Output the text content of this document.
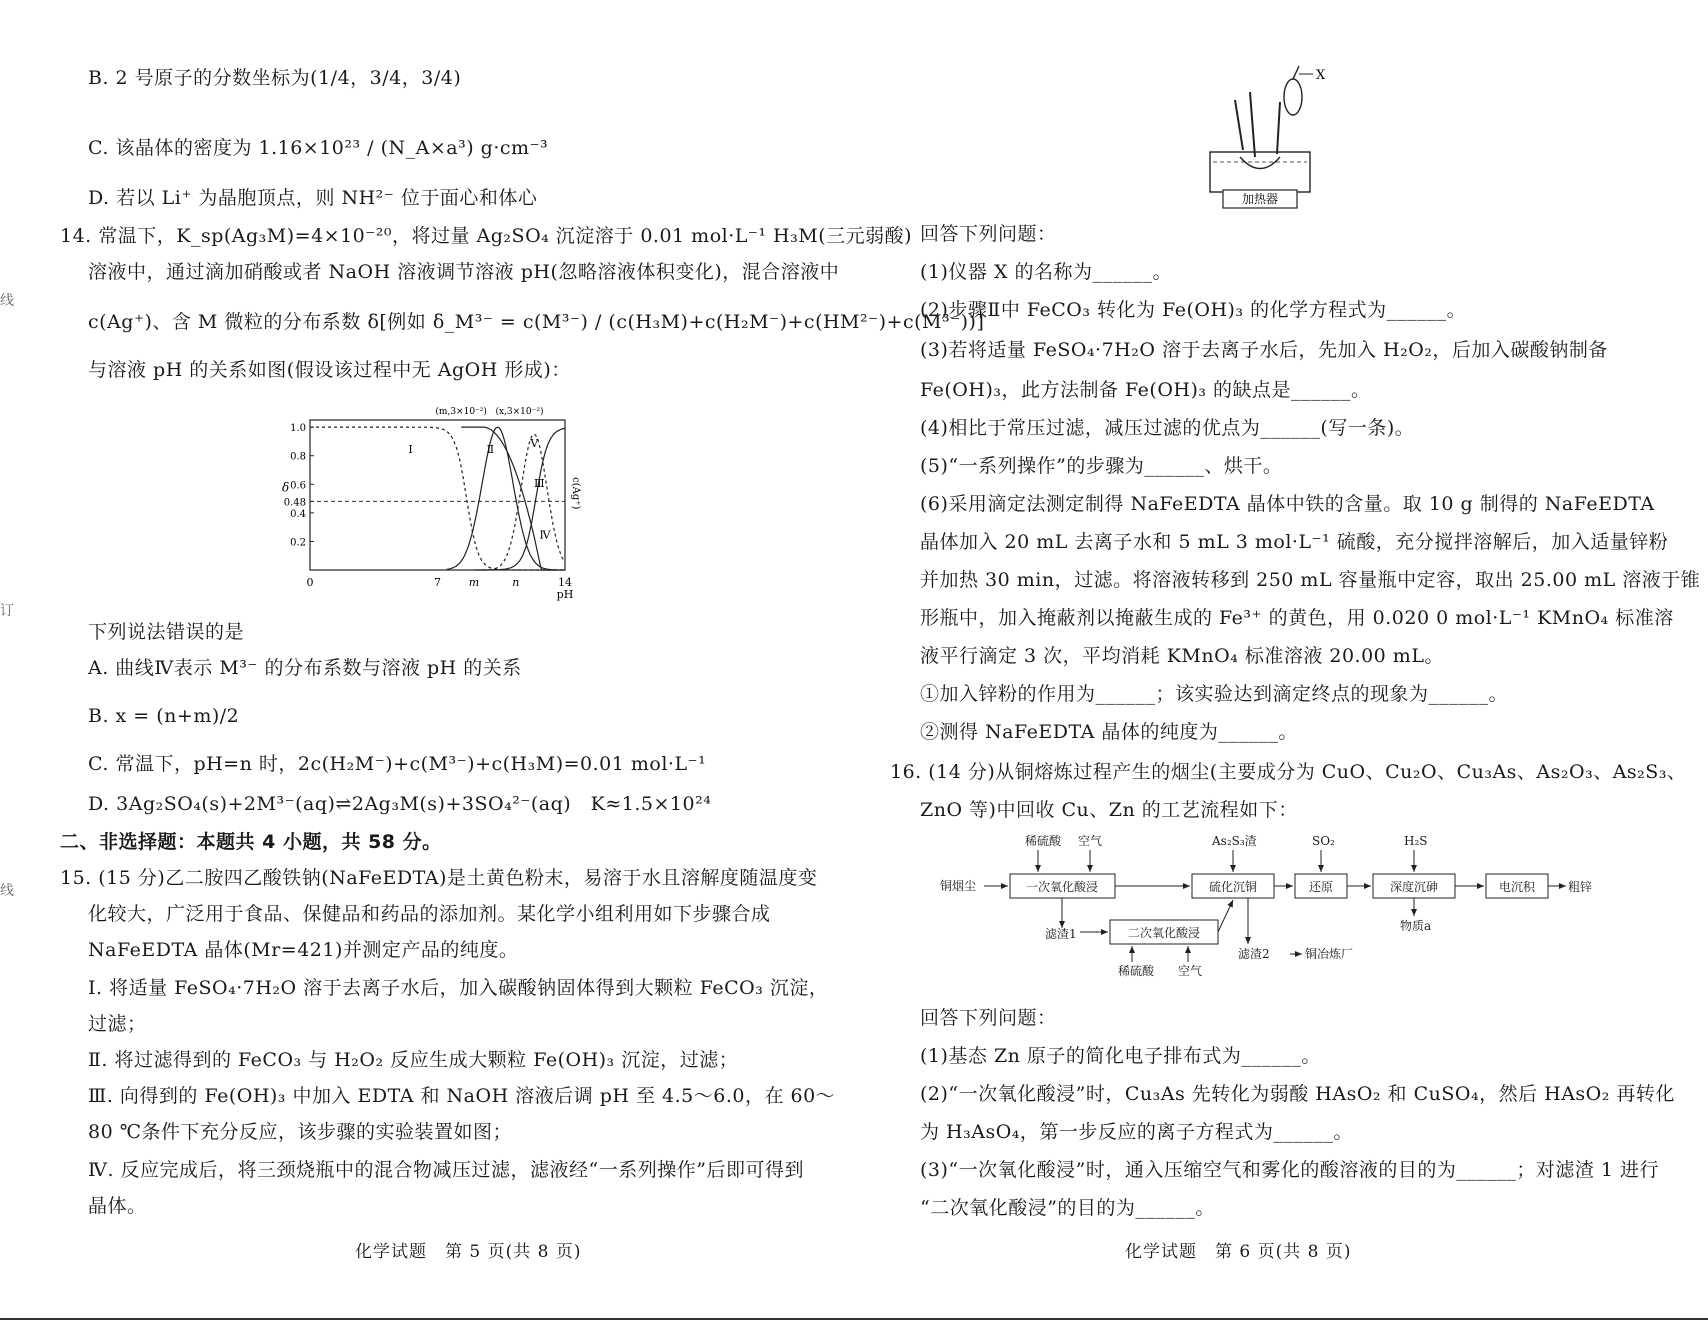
线
订
线
B. 2 号原子的分数坐标为(1/4，3/4，3/4)
C. 该晶体的密度为 1.16×10²³ / (N_A×a³) g·cm⁻³
D. 若以 Li⁺ 为晶胞顶点，则 NH²⁻ 位于面心和体心
14. 常温下，K_sp(Ag₃M)=4×10⁻²⁰，将过量 Ag₂SO₄ 沉淀溶于 0.01 mol·L⁻¹ H₃M(三元弱酸)
溶液中，通过滴加硝酸或者 NaOH 溶液调节溶液 pH(忽略溶液体积变化)，混合溶液中
c(Ag⁺)、含 M 微粒的分布系数 δ[例如 δ_M³⁻ = c(M³⁻) / (c(H₃M)+c(H₂M⁻)+c(HM²⁻)+c(M³⁻))]
与溶液 pH 的关系如图(假设该过程中无 AgOH 形成)：
0	7	m	n	14
0.2
0.4
0.48
0.6
0.8
1.0
pH
δ	c(Ag⁺)
(m,3×10⁻²) (x,3×10⁻²)
Ⅰ	Ⅱ
Ⅲ
Ⅳ
Ⅴ
下列说法错误的是
A. 曲线Ⅳ表示 M³⁻ 的分布系数与溶液 pH 的关系
B. x = (n+m)/2
C. 常温下，pH=n 时，2c(H₂M⁻)+c(M³⁻)+c(H₃M)=0.01 mol·L⁻¹
D. 3Ag₂SO₄(s)+2M³⁻(aq)⇌2Ag₃M(s)+3SO₄²⁻(aq)　K≈1.5×10²⁴
二、非选择题：本题共 4 小题，共 58 分。
15. (15 分)乙二胺四乙酸铁钠(NaFeEDTA)是土黄色粉末，易溶于水且溶解度随温度变
化较大，广泛用于食品、保健品和药品的添加剂。某化学小组利用如下步骤合成
NaFeEDTA 晶体(Mr=421)并测定产品的纯度。
Ⅰ. 将适量 FeSO₄·7H₂O 溶于去离子水后，加入碳酸钠固体得到大颗粒 FeCO₃ 沉淀，
过滤；
Ⅱ. 将过滤得到的 FeCO₃ 与 H₂O₂ 反应生成大颗粒 Fe(OH)₃ 沉淀，过滤；
Ⅲ. 向得到的 Fe(OH)₃ 中加入 EDTA 和 NaOH 溶液后调 pH 至 4.5～6.0，在 60～
80 ℃条件下充分反应，该步骤的实验装置如图；
Ⅳ. 反应完成后，将三颈烧瓶中的混合物减压过滤，滤液经“一系列操作”后即可得到
晶体。
化学试题　第 5 页(共 8 页)
X
加热器
回答下列问题：
(1)仪器 X 的名称为______。
(2)步骤Ⅱ中 FeCO₃ 转化为 Fe(OH)₃ 的化学方程式为______。
(3)若将适量 FeSO₄·7H₂O 溶于去离子水后，先加入 H₂O₂，后加入碳酸钠制备
Fe(OH)₃，此方法制备 Fe(OH)₃ 的缺点是______。
(4)相比于常压过滤，减压过滤的优点为______(写一条)。
(5)“一系列操作”的步骤为______、烘干。
(6)采用滴定法测定制得 NaFeEDTA 晶体中铁的含量。取 10 g 制得的 NaFeEDTA
晶体加入 20 mL 去离子水和 5 mL 3 mol·L⁻¹ 硫酸，充分搅拌溶解后，加入适量锌粉
并加热 30 min，过滤。将溶液转移到 250 mL 容量瓶中定容，取出 25.00 mL 溶液于锥
形瓶中，加入掩蔽剂以掩蔽生成的 Fe³⁺ 的黄色，用 0.020 0 mol·L⁻¹ KMnO₄ 标准溶
液平行滴定 3 次，平均消耗 KMnO₄ 标准溶液 20.00 mL。
①加入锌粉的作用为______；该实验达到滴定终点的现象为______。
②测得 NaFeEDTA 晶体的纯度为______。
16. (14 分)从铜熔炼过程产生的烟尘(主要成分为 CuO、Cu₂O、Cu₃As、As₂O₃、As₂S₃、
ZnO 等)中回收 Cu、Zn 的工艺流程如下：
铜烟尘	一次氧化酸浸	硫化沉铜	还原	深度沉砷	电沉积	粗锌
二次氧化酸浸
稀硫酸 空气	As₂S₃渣	SO₂	H₂S
滤渣1
滤渣2	铜冶炼厂
物质a
稀硫酸 空气
回答下列问题：
(1)基态 Zn 原子的简化电子排布式为______。
(2)“一次氧化酸浸”时，Cu₃As 先转化为弱酸 HAsO₂ 和 CuSO₄，然后 HAsO₂ 再转化
为 H₃AsO₄，第一步反应的离子方程式为______。
(3)“一次氧化酸浸”时，通入压缩空气和雾化的酸溶液的目的为______；对滤渣 1 进行
“二次氧化酸浸”的目的为______。
化学试题　第 6 页(共 8 页)
